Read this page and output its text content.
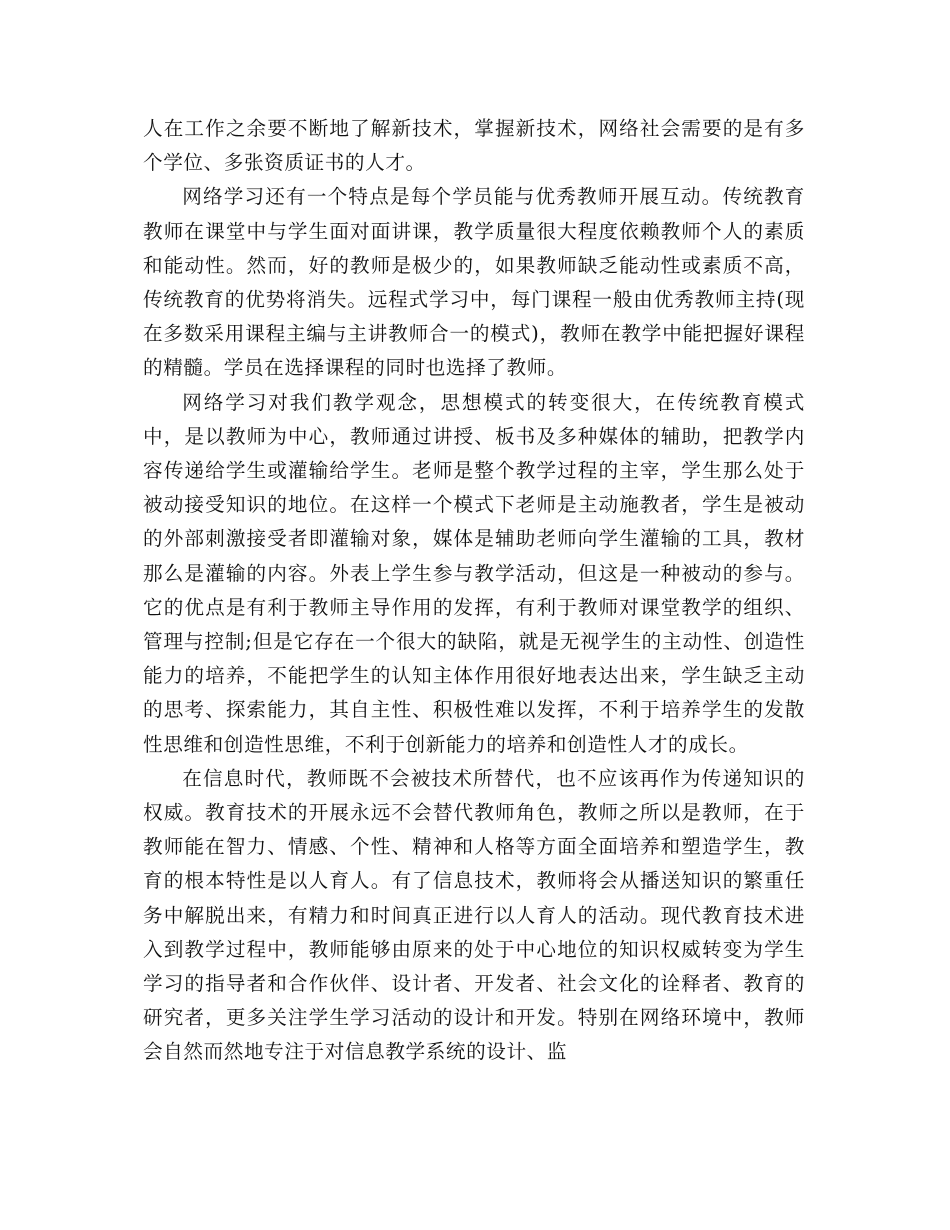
人在工作之余要不断地了解新技术，掌握新技术，网络社会需要的是有多个学位、多张资质证书的人才。

网络学习还有一个特点是每个学员能与优秀教师开展互动。传统教育教师在课堂中与学生面对面讲课，教学质量很大程度依赖教师个人的素质和能动性。然而，好的教师是极少的，如果教师缺乏能动性或素质不高，传统教育的优势将消失。远程式学习中，每门课程一般由优秀教师主持(现在多数采用课程主编与主讲教师合一的模式)，教师在教学中能把握好课程的精髓。学员在选择课程的同时也选择了教师。

网络学习对我们教学观念，思想模式的转变很大，在传统教育模式中，是以教师为中心，教师通过讲授、板书及多种媒体的辅助，把教学内容传递给学生或灌输给学生。老师是整个教学过程的主宰，学生那么处于被动接受知识的地位。在这样一个模式下老师是主动施教者，学生是被动的外部刺激接受者即灌输对象，媒体是辅助老师向学生灌输的工具，教材那么是灌输的内容。外表上学生参与教学活动，但这是一种被动的参与。它的优点是有利于教师主导作用的发挥，有利于教师对课堂教学的组织、管理与控制;但是它存在一个很大的缺陷，就是无视学生的主动性、创造性能力的培养，不能把学生的认知主体作用很好地表达出来，学生缺乏主动的思考、探索能力，其自主性、积极性难以发挥，不利于培养学生的发散性思维和创造性思维，不利于创新能力的培养和创造性人才的成长。

在信息时代，教师既不会被技术所替代，也不应该再作为传递知识的权威。教育技术的开展永远不会替代教师角色，教师之所以是教师，在于教师能在智力、情感、个性、精神和人格等方面全面培养和塑造学生，教育的根本特性是以人育人。有了信息技术，教师将会从播送知识的繁重任务中解脱出来，有精力和时间真正进行以人育人的活动。现代教育技术进入到教学过程中，教师能够由原来的处于中心地位的知识权威转变为学生学习的指导者和合作伙伴、设计者、开发者、社会文化的诠释者、教育的研究者，更多关注学生学习活动的设计和开发。特别在网络环境中，教师会自然而然地专注于对信息教学系统的设计、监
